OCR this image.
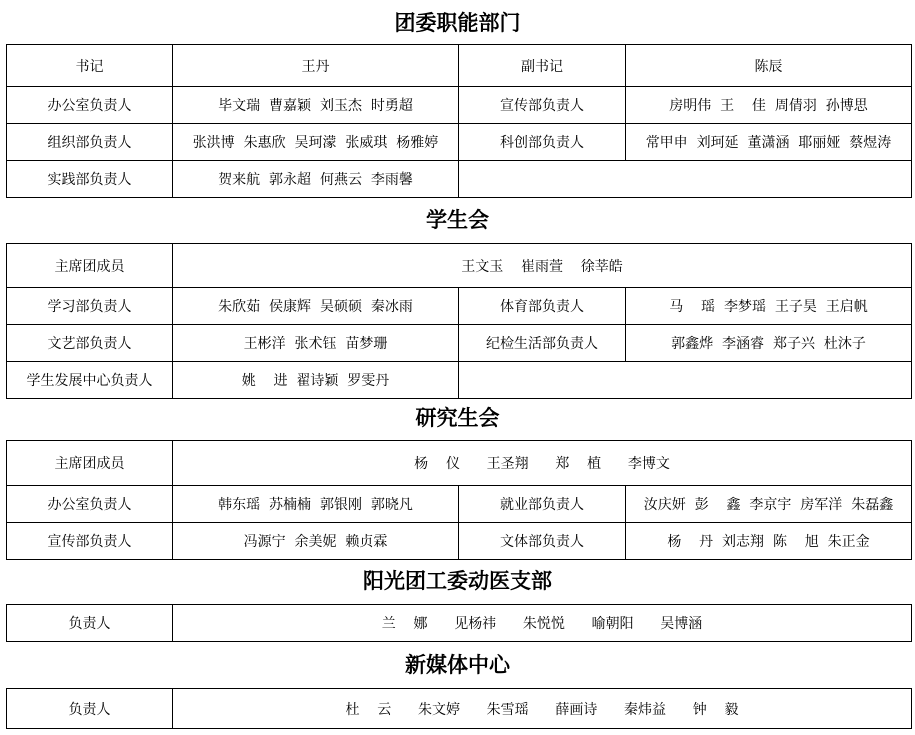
团委职能部门
书记	王丹	副书记	陈辰
办公室负责人	毕文瑞  曹嘉颖  刘玉杰  时勇超	宣传部负责人	房明伟  王    佳  周倩羽  孙博思
组织部负责人	张洪博  朱惠欣  吴珂濛  张威琪  杨雅婷	科创部负责人	常甲申  刘珂延  董潇涵  耶丽娅  蔡煜涛
实践部负责人	贺来航  郭永超  何燕云  李雨馨		
学生会
主席团成员	王文玉    崔雨萱    徐莘皓		
学习部负责人	朱欣茹  侯康辉  吴硕硕  秦冰雨	体育部负责人	马    瑶  李梦瑶  王子昊  王启帆
文艺部负责人	王彬洋  张术钰  苗梦珊	纪检生活部负责人	郭鑫烨  李涵睿  郑子兴  杜沐子
学生发展中心负责人	姚    进  翟诗颖  罗雯丹		
研究生会
主席团成员	杨    仪      王圣翔      郑    植      李博文		
办公室负责人	韩东瑶  苏楠楠  郭银刚  郭晓凡	就业部负责人	汝庆妍  彭    鑫  李京宇  房军洋  朱磊鑫
宣传部负责人	冯源宁  余美妮  赖贞霖	文体部负责人	杨    丹  刘志翔  陈    旭  朱正金
阳光团工委动医支部
负责人	兰    娜      见杨祎      朱悦悦      喻朝阳      吴博涵
新媒体中心
负责人	杜    云      朱文婷      朱雪瑶      薛画诗      秦炜益      钟    毅
